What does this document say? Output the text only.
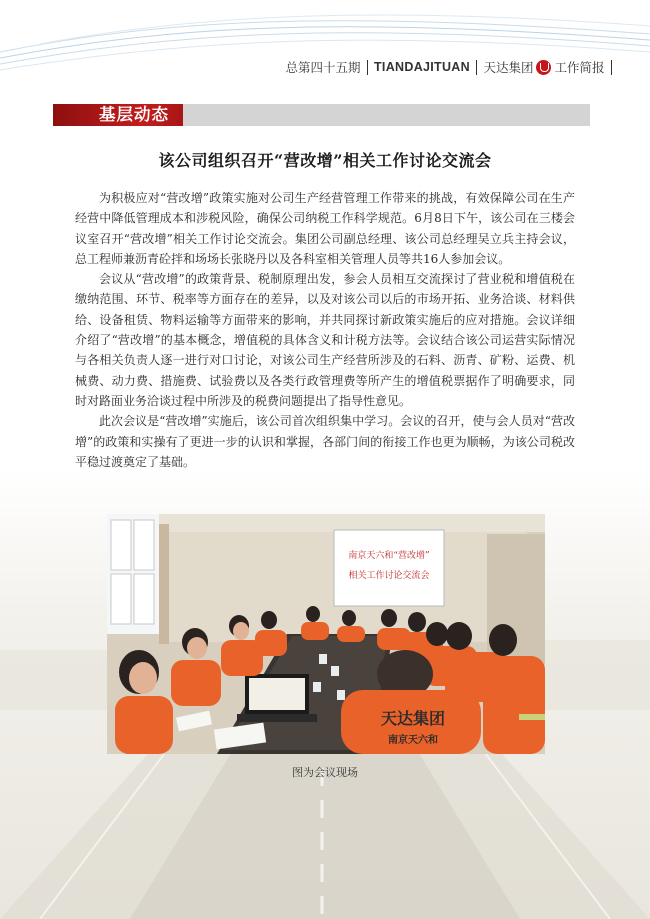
总第四十五期 TIANDAJITUAN 天达集团 工作简报
基层动态
该公司组织召开“营改增”相关工作讨论交流会

为积极应对“营改增”政策实施对公司生产经营管理工作带来的挑战，有效保障公司在生产经营中降低管理成本和涉税风险，确保公司纳税工作科学规范。6月8日下午，该公司在三楼会议室召开“营改增”相关工作讨论交流会。集团公司副总经理、该公司总经理吴立兵主持会议，总工程师兼沥青砼拌和场场长张晓丹以及各科室相关管理人员等共16人参加会议。

会议从“营改增”的政策背景、税制原理出发，参会人员相互交流探讨了营业税和增值税在缴纳范围、环节、税率等方面存在的差异，以及对该公司以后的市场开拓、业务洽谈、材料供给、设备租赁、物料运输等方面带来的影响，并共同探讨新政策实施后的应对措施。会议详细介绍了“营改增”的基本概念，增值税的具体含义和计税方法等。会议结合该公司运营实际情况与各相关负责人逐一进行对口讨论，对该公司生产经营所涉及的石料、沥青、矿粉、运费、机械费、动力费、措施费、试验费以及各类行政管理费等所产生的增值税票据作了明确要求，同时对路面业务洽谈过程中所涉及的税费问题提出了指导性意见。

此次会议是“营改增”实施后，该公司首次组织集中学习。会议的召开，使与会人员对“营改增”的政策和实操有了更进一步的认识和掌握，各部门间的衔接工作也更为顺畅，为该公司税改平稳过渡奠定了基础。

南京天六和“营改增”
相关工作讨论交流会
天达集团
南京天六和
图为会议现场
